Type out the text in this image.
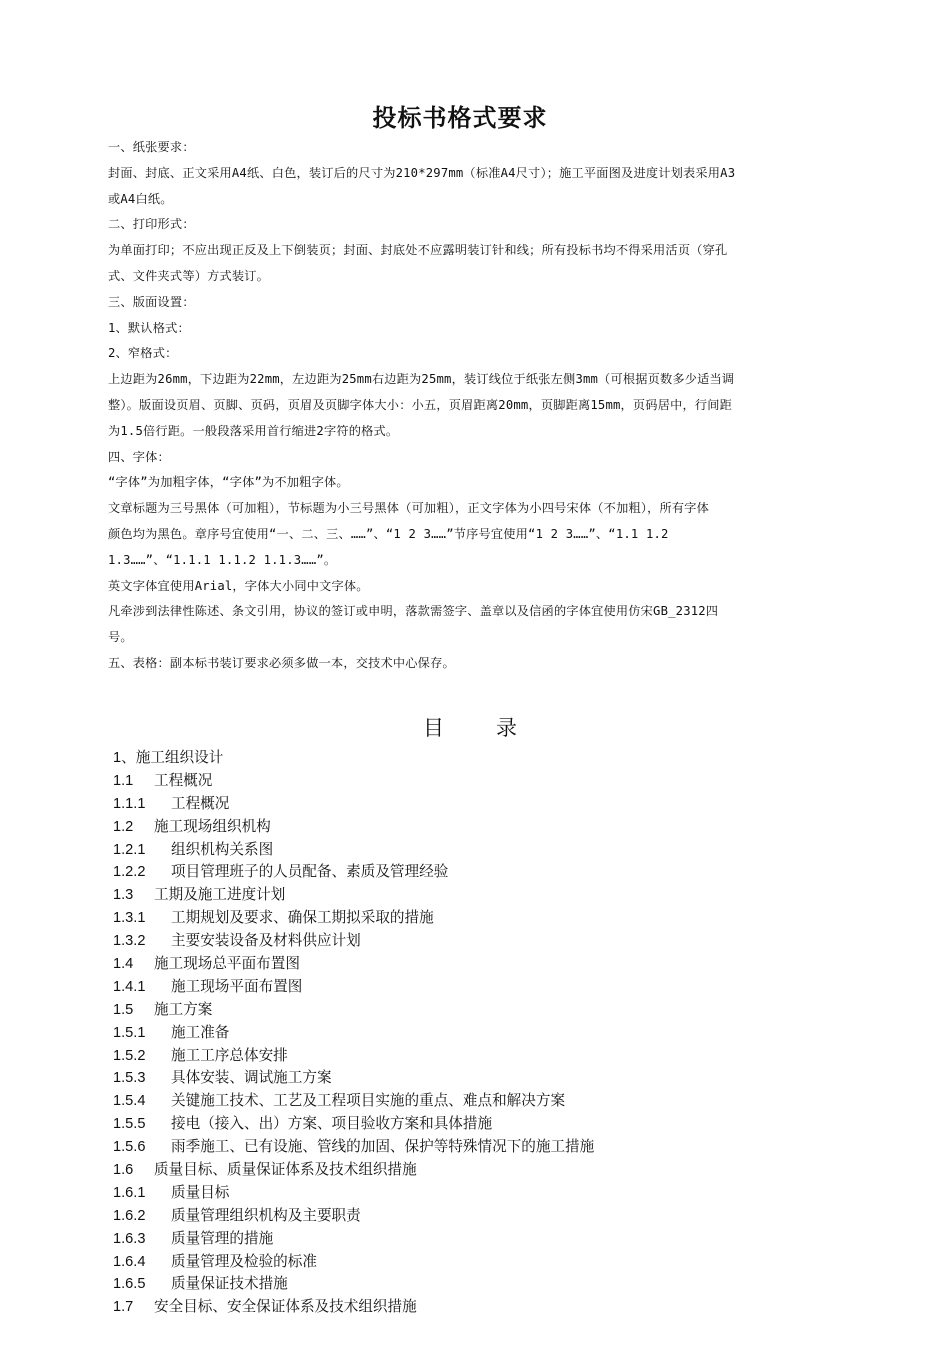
投标书格式要求

一、纸张要求：

封面、封底、正文采用A4纸、白色，装订后的尺寸为210*297mm（标准A4尺寸）；施工平面图及进度计划表采用A3

或A4白纸。

二、打印形式：

为单面打印；不应出现正反及上下倒装页；封面、封底处不应露明装订针和线；所有投标书均不得采用活页（穿孔

式、文件夹式等）方式装订。

三、版面设置：

1、默认格式：

2、窄格式：

上边距为26mm，下边距为22mm，左边距为25mm右边距为25mm，装订线位于纸张左侧3mm（可根据页数多少适当调

整）。版面设页眉、页脚、页码，页眉及页脚字体大小：小五，页眉距离20mm，页脚距离15mm，页码居中，行间距

为1.5倍行距。一般段落采用首行缩进2字符的格式。

四、字体：

“字体”为加粗字体，“字体”为不加粗字体。

文章标题为三号黑体（可加粗），节标题为小三号黑体（可加粗），正文字体为小四号宋体（不加粗），所有字体

颜色均为黑色。章序号宜使用“一、二、三、……”、“1 2 3……”节序号宜使用“1 2 3……”、“1.1 1.2

1.3……”、“1.1.1 1.1.2 1.1.3……”。

英文字体宜使用Arial，字体大小同中文字体。

凡牵涉到法律性陈述、条文引用，协议的签订或申明，落款需签字、盖章以及信函的字体宜使用仿宋GB_2312四

号。

五、表格：副本标书装订要求必须多做一本，交技术中心保存。

目 录
1、施工组织设计
1.1 工程概况
1.1.1 工程概况
1.2 施工现场组织机构
1.2.1 组织机构关系图
1.2.2 项目管理班子的人员配备、素质及管理经验
1.3 工期及施工进度计划
1.3.1 工期规划及要求、确保工期拟采取的措施
1.3.2 主要安装设备及材料供应计划
1.4 施工现场总平面布置图
1.4.1 施工现场平面布置图
1.5 施工方案
1.5.1 施工准备
1.5.2 施工工序总体安排
1.5.3 具体安装、调试施工方案
1.5.4 关键施工技术、工艺及工程项目实施的重点、难点和解决方案
1.5.5 接电（接入、出）方案、项目验收方案和具体措施
1.5.6 雨季施工、已有设施、管线的加固、保护等特殊情况下的施工措施
1.6 质量目标、质量保证体系及技术组织措施
1.6.1 质量目标
1.6.2 质量管理组织机构及主要职责
1.6.3 质量管理的措施
1.6.4 质量管理及检验的标准
1.6.5 质量保证技术措施
1.7 安全目标、安全保证体系及技术组织措施
